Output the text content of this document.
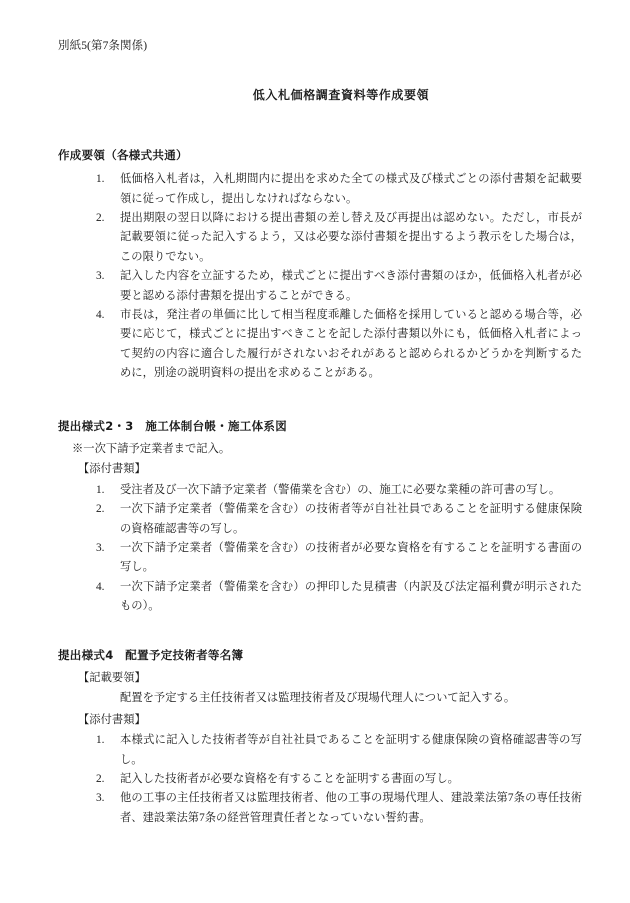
別紙5(第7条関係)
低入札価格調査資料等作成要領
作成要領（各様式共通）
1.	低価格入札者は，入札期間内に提出を求めた全ての様式及び様式ごとの添付書類を記載要領に従って作成し，提出しなければならない。
2.	提出期限の翌日以降における提出書類の差し替え及び再提出は認めない。ただし，市長が記載要領に従った記入するよう，又は必要な添付書類を提出するよう教示をした場合は，この限りでない。
3.	記入した内容を立証するため，様式ごとに提出すべき添付書類のほか，低価格入札者が必要と認める添付書類を提出することができる。
4.	市長は，発注者の単価に比して相当程度乖離した価格を採用していると認める場合等，必要に応じて，様式ごとに提出すべきことを記した添付書類以外にも，低価格入札者によって契約の内容に適合した履行がされないおそれがあると認められるかどうかを判断するために，別途の説明資料の提出を求めることがある。
提出様式2・3　施工体制台帳・施工体系図
※一次下請予定業者まで記入。
【添付書類】
1.	受注者及び一次下請予定業者（警備業を含む）の、施工に必要な業種の許可書の写し。
2.	一次下請予定業者（警備業を含む）の技術者等が自社社員であることを証明する健康保険の資格確認書等の写し。
3.	一次下請予定業者（警備業を含む）の技術者が必要な資格を有することを証明する書面の写し。
4.	一次下請予定業者（警備業を含む）の押印した見積書（内訳及び法定福利費が明示されたもの）。
提出様式4　配置予定技術者等名簿
【記載要領】
配置を予定する主任技術者又は監理技術者及び現場代理人について記入する。
【添付書類】
1.	本様式に記入した技術者等が自社社員であることを証明する健康保険の資格確認書等の写し。
2.	記入した技術者が必要な資格を有することを証明する書面の写し。
3.	他の工事の主任技術者又は監理技術者、他の工事の現場代理人、建設業法第7条の専任技術者、建設業法第7条の経営管理責任者となっていない誓約書。
